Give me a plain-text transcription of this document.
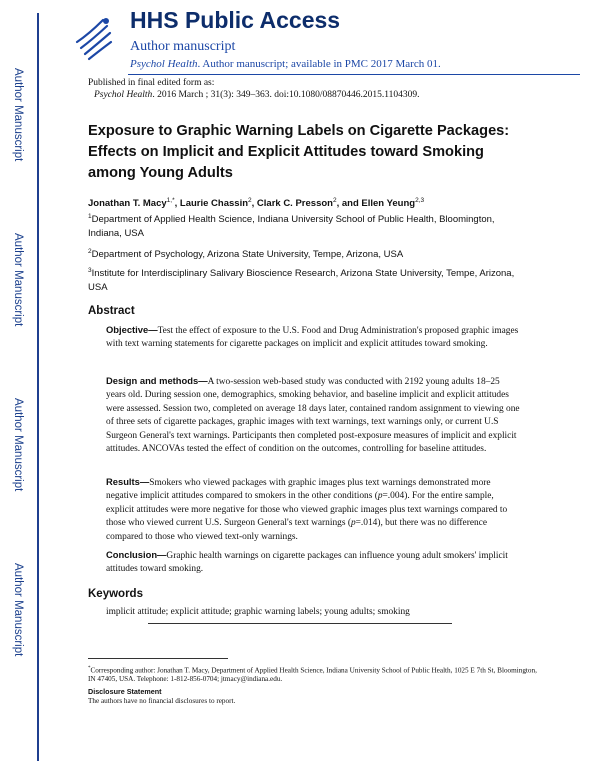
Author Manuscript
Author Manuscript
Author Manuscript
Author Manuscript
HHS Public Access
Author manuscript
Psychol Health. Author manuscript; available in PMC 2017 March 01.
Published in final edited form as:
Psychol Health. 2016 March ; 31(3): 349–363. doi:10.1080/08870446.2015.1104309.
Exposure to Graphic Warning Labels on Cigarette Packages: Effects on Implicit and Explicit Attitudes toward Smoking among Young Adults
Jonathan T. Macy$^{1,*}$, Laurie Chassin$^2$, Clark C. Presson$^2$, and Ellen Yeung$^{2,3}$
$^1$Department of Applied Health Science, Indiana University School of Public Health, Bloomington, Indiana, USA
$^2$Department of Psychology, Arizona State University, Tempe, Arizona, USA
$^3$Institute for Interdisciplinary Salivary Bioscience Research, Arizona State University, Tempe, Arizona, USA
Abstract
Objective—Test the effect of exposure to the U.S. Food and Drug Administration's proposed graphic images with text warning statements for cigarette packages on implicit and explicit attitudes toward smoking.
Design and methods—A two-session web-based study was conducted with 2192 young adults 18–25 years old. During session one, demographics, smoking behavior, and baseline implicit and explicit attitudes were assessed. Session two, completed on average 18 days later, contained random assignment to viewing one of three sets of cigarette packages, graphic images with text warnings, text warnings only, or current U.S Surgeon General's text warnings. Participants then completed post-exposure measures of implicit and explicit attitudes. ANCOVAs tested the effect of condition on the outcomes, controlling for baseline attitudes.
Results—Smokers who viewed packages with graphic images plus text warnings demonstrated more negative implicit attitudes compared to smokers in the other conditions (p=.004). For the entire sample, explicit attitudes were more negative for those who viewed graphic images plus text warnings compared to those who viewed current U.S. Surgeon General's text warnings (p=.014), but there was no difference compared to those who viewed text-only warnings.
Conclusion—Graphic health warnings on cigarette packages can influence young adult smokers' implicit attitudes toward smoking.
Keywords
implicit attitude; explicit attitude; graphic warning labels; young adults; smoking
*Corresponding author: Jonathan T. Macy, Department of Applied Health Science, Indiana University School of Public Health, 1025 E 7th St, Bloomington, IN 47405, USA. Telephone: 1-812-856-0704; jtmacy@indiana.edu.
Disclosure Statement
The authors have no financial disclosures to report.
